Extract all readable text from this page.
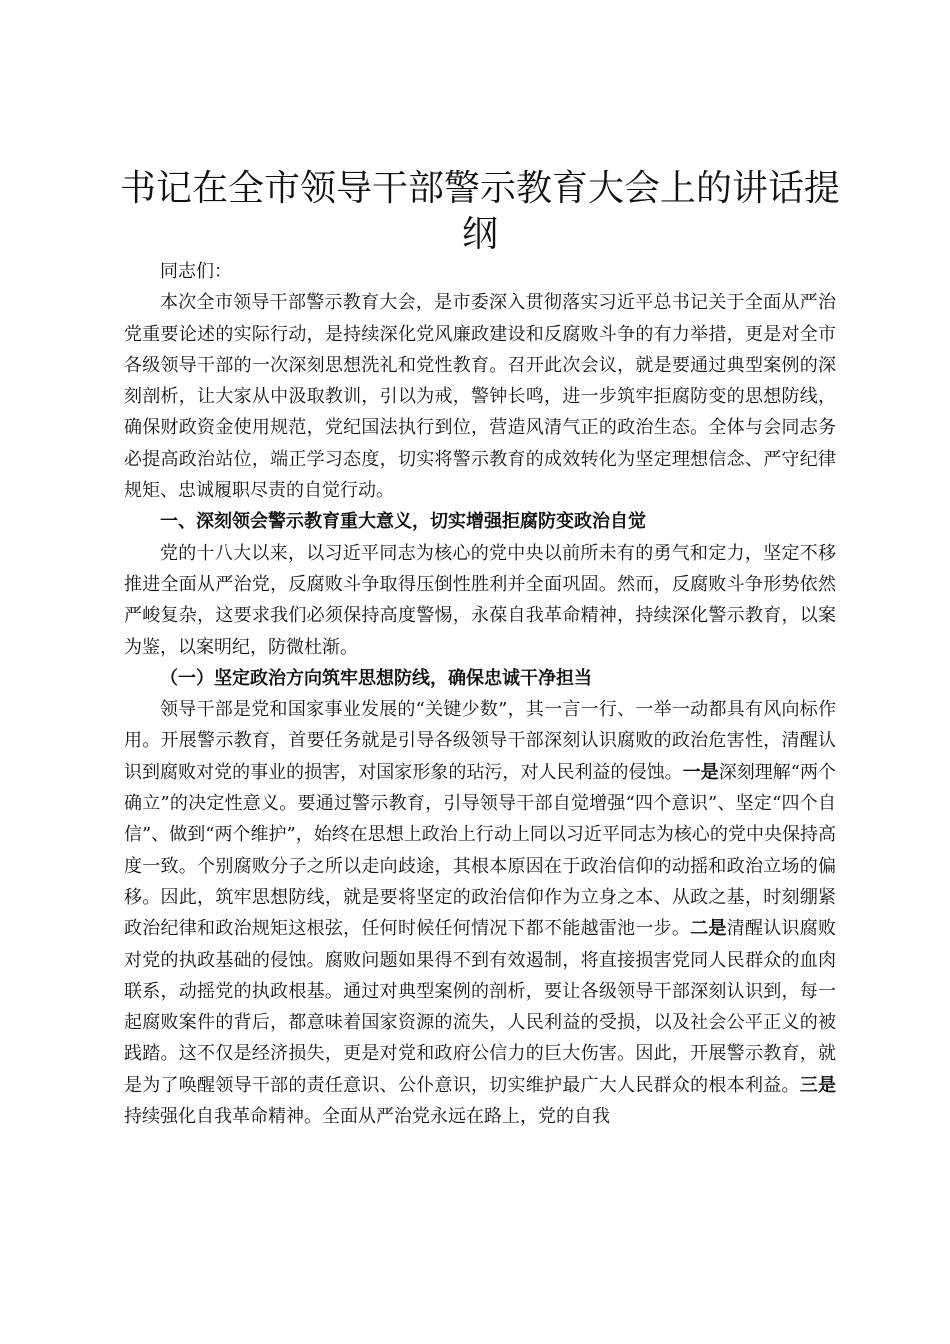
书记在全市领导干部警示教育大会上的讲话提纲

同志们：

本次全市领导干部警示教育大会，是市委深入贯彻落实习近平总书记关于全面从严治党重要论述的实际行动，是持续深化党风廉政建设和反腐败斗争的有力举措，更是对全市各级领导干部的一次深刻思想洗礼和党性教育。召开此次会议，就是要通过典型案例的深刻剖析，让大家从中汲取教训，引以为戒，警钟长鸣，进一步筑牢拒腐防变的思想防线，确保财政资金使用规范，党纪国法执行到位，营造风清气正的政治生态。全体与会同志务必提高政治站位，端正学习态度，切实将警示教育的成效转化为坚定理想信念、严守纪律规矩、忠诚履职尽责的自觉行动。

一、深刻领会警示教育重大意义，切实增强拒腐防变政治自觉

党的十八大以来，以习近平同志为核心的党中央以前所未有的勇气和定力，坚定不移推进全面从严治党，反腐败斗争取得压倒性胜利并全面巩固。然而，反腐败斗争形势依然严峻复杂，这要求我们必须保持高度警惕，永葆自我革命精神，持续深化警示教育，以案为鉴，以案明纪，防微杜渐。

（一）坚定政治方向筑牢思想防线，确保忠诚干净担当

领导干部是党和国家事业发展的“关键少数”，其一言一行、一举一动都具有风向标作用。开展警示教育，首要任务就是引导各级领导干部深刻认识腐败的政治危害性，清醒认识到腐败对党的事业的损害，对国家形象的玷污，对人民利益的侵蚀。一是深刻理解“两个确立”的决定性意义。要通过警示教育，引导领导干部自觉增强“四个意识”、坚定“四个自信”、做到“两个维护”，始终在思想上政治上行动上同以习近平同志为核心的党中央保持高度一致。个别腐败分子之所以走向歧途，其根本原因在于政治信仰的动摇和政治立场的偏移。因此，筑牢思想防线，就是要将坚定的政治信仰作为立身之本、从政之基，时刻绷紧政治纪律和政治规矩这根弦，任何时候任何情况下都不能越雷池一步。二是清醒认识腐败对党的执政基础的侵蚀。腐败问题如果得不到有效遏制，将直接损害党同人民群众的血肉联系，动摇党的执政根基。通过对典型案例的剖析，要让各级领导干部深刻认识到，每一起腐败案件的背后，都意味着国家资源的流失，人民利益的受损，以及社会公平正义的被践踏。这不仅是经济损失，更是对党和政府公信力的巨大伤害。因此，开展警示教育，就是为了唤醒领导干部的责任意识、公仆意识，切实维护最广大人民群众的根本利益。三是持续强化自我革命精神。全面从严治党永远在路上，党的自我
